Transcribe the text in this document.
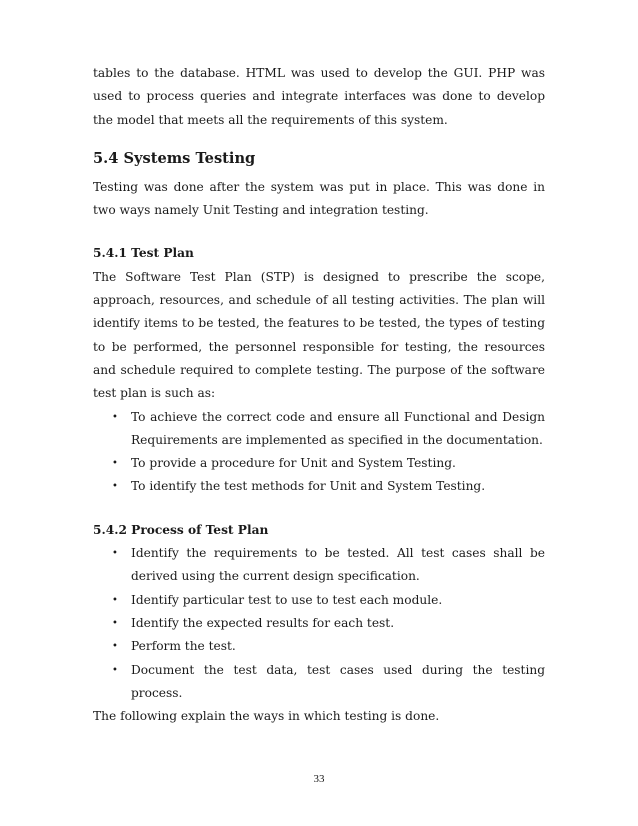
tables to the database. HTML was used to develop the GUI. PHP was used to process queries and integrate interfaces was done to develop the model that meets all the requirements of this system.

5.4 Systems Testing

Testing was done after the system was put in place. This was done in two ways namely Unit Testing and integration testing.

5.4.1 Test Plan

The Software Test Plan (STP) is designed to prescribe the scope, approach, resources, and schedule of all testing activities. The plan will identify items to be tested, the features to be tested, the types of testing to be performed, the personnel responsible for testing, the resources and schedule required to complete testing. The purpose of the software test plan is such as:

• To achieve the correct code and ensure all Functional and Design Requirements are implemented as specified in the documentation.
• To provide a procedure for Unit and System Testing.
• To identify the test methods for Unit and System Testing.
5.4.2 Process of Test Plan
• Identify the requirements to be tested. All test cases shall be derived using the current design specification.
• Identify particular test to use to test each module.
• Identify the expected results for each test.
• Perform the test.
• Document the test data, test cases used during the testing process.

The following explain the ways in which testing is done.

33
